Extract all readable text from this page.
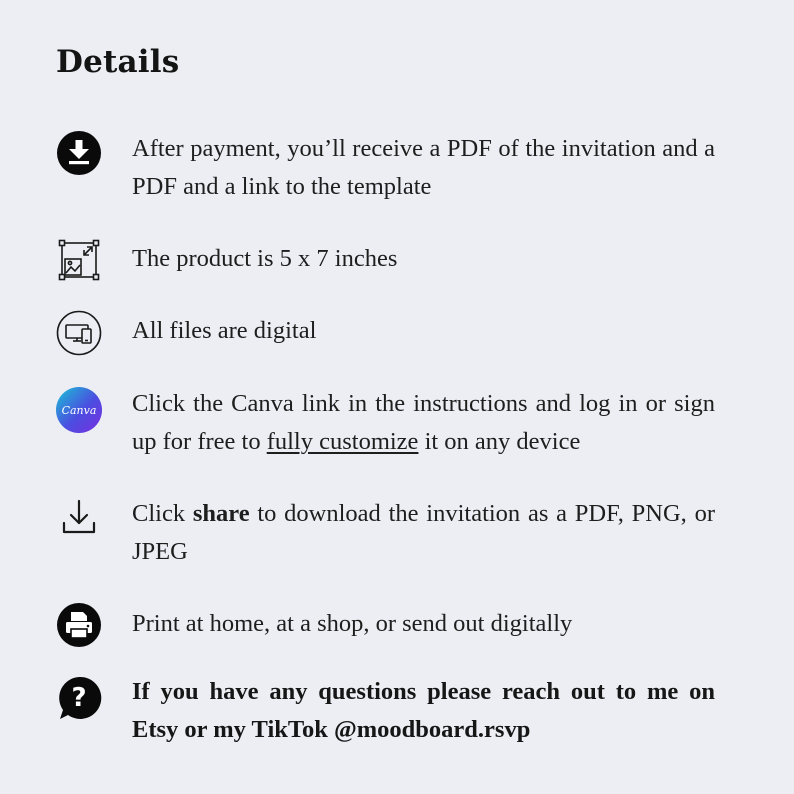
Details
After payment, you’ll receive a PDF of the invitation and a PDF and a link to the template
The product is 5 x 7 inches
All files are digital
Canva Click the Canva link in the instructions and log in or sign up for free to fully customize it on any device
Click share to download the invitation as a PDF, PNG, or JPEG
Print at home, at a shop, or send out digitally
? If you have any questions please reach out to me on Etsy or my TikTok @moodboard.rsvp
